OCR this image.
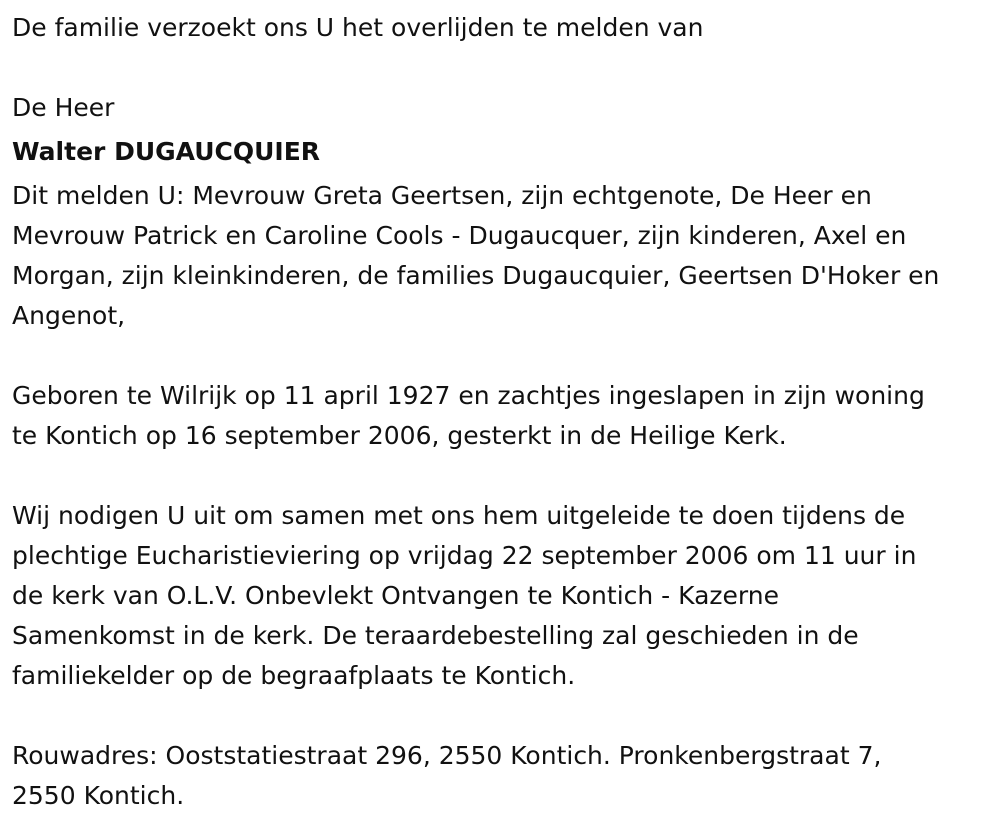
De familie verzoekt ons U het overlijden te melden van

De Heer

Walter DUGAUCQUIER

Dit melden U: Mevrouw Greta Geertsen, zijn echtgenote, De Heer en
Mevrouw Patrick en Caroline Cools - Dugaucquer, zijn kinderen, Axel en
Morgan, zijn kleinkinderen, de families Dugaucquier, Geertsen D'Hoker en
Angenot,

Geboren te Wilrijk op 11 april 1927 en zachtjes ingeslapen in zijn woning
te Kontich op 16 september 2006, gesterkt in de Heilige Kerk.

Wij nodigen U uit om samen met ons hem uitgeleide te doen tijdens de
plechtige Eucharistieviering op vrijdag 22 september 2006 om 11 uur in
de kerk van O.L.V. Onbevlekt Ontvangen te Kontich - Kazerne
Samenkomst in de kerk. De teraardebestelling zal geschieden in de
familiekelder op de begraafplaats te Kontich.

Rouwadres: Ooststatiestraat 296, 2550 Kontich. Pronkenbergstraat 7,
2550 Kontich.
